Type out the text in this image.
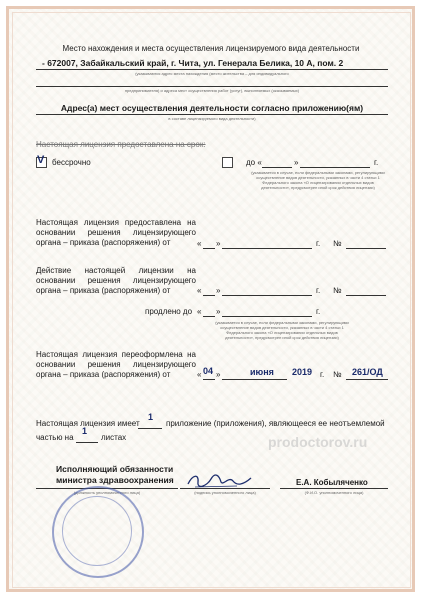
Место нахождения и места осуществления лицензируемого вида деятельности
- 672007, Забайкальский край, г. Чита, ул. Генерала Белика, 10 А, пом. 2
(указываются адрес места нахождения (место жительства – для индивидуального
предпринимателя) и адреса мест осуществления работ (услуг), выполняемых (оказываемых)
Адрес(а) мест осуществления деятельности согласно приложению(ям)
в составе лицензируемого вида деятельности)
Настоящая лицензия предоставлена на срок:
V бессрочно	до «	»	г.
(указывается в случае, если федеральными законами, регулирующими осуществление видов деятельности, указанных в части 4 статьи 1 Федерального закона «О лицензировании отдельных видов деятельности», предусмотрен иной срок действия лицензии)
Настоящая лицензия предоставлена на основании решения лицензирующего органа – приказа (распоряжения) от	« »	г. №
Действие настоящей лицензии на основании решения лицензирующего органа – приказа (распоряжения) от	« »	г. №
продлено до « »	г.
(указывается в случае, если федеральными законами, регулирующими осуществление видов деятельности, указанных в части 4 статьи 1 Федерального закона «О лицензировании отдельных видов деятельности», предусмотрен иной срок действия лицензии)
Настоящая лицензия переоформлена на основании решения лицензирующего органа – приказа (распоряжения) от	« 04 »	июня 2019 г. № 261/ОД
Настоящая лицензия имеет
1
приложение (приложения), являющееся ее неотъемлемой
частью на
1
листах	prodoctorov.ru
Исполняющий обязанности министра здравоохранения
(должность уполномоченного лица)	(подпись уполномоченного лица)
Е.А. Кобыляченко
(Ф.И.О. уполномоченного лица)
